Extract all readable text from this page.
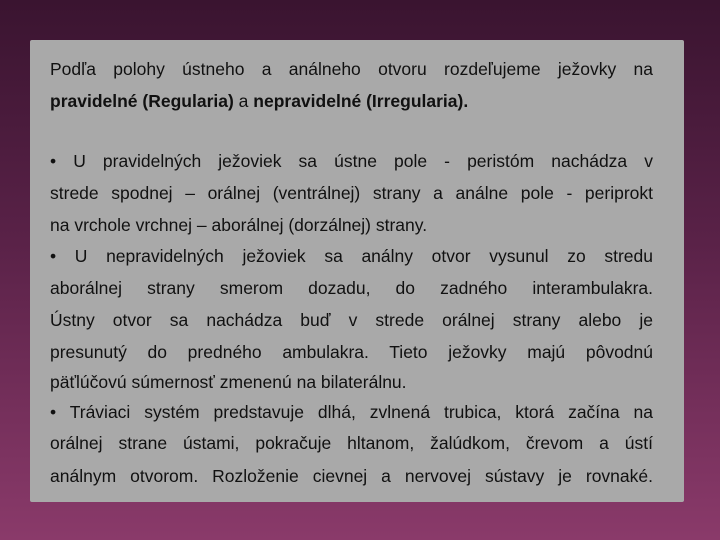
Podľa polohy ústneho a análneho otvoru rozdeľujeme ježovky na
pravidelné (Regularia) a nepravidelné (Irregularia).
• U pravidelných ježoviek sa ústne pole - peristóm nachádza v
strede spodnej – orálnej (ventrálnej) strany a análne pole - periprokt
na vrchole vrchnej – aborálnej (dorzálnej) strany.
• U nepravidelných ježoviek sa análny otvor vysunul zo stredu
aborálnej strany smerom dozadu, do zadného interambulakra.
Ústny otvor sa nachádza buď v strede orálnej strany alebo je
presunutý do predného ambulakra. Tieto ježovky majú pôvodnú
päťlúčovú súmernosť zmenenú na bilaterálnu.
• Tráviaci systém predstavuje dlhá, zvlnená trubica, ktorá začína na
orálnej strane ústami, pokračuje hltanom, žalúdkom, črevom a ústí
análnym otvorom. Rozloženie cievnej a nervovej sústavy je rovnaké.
